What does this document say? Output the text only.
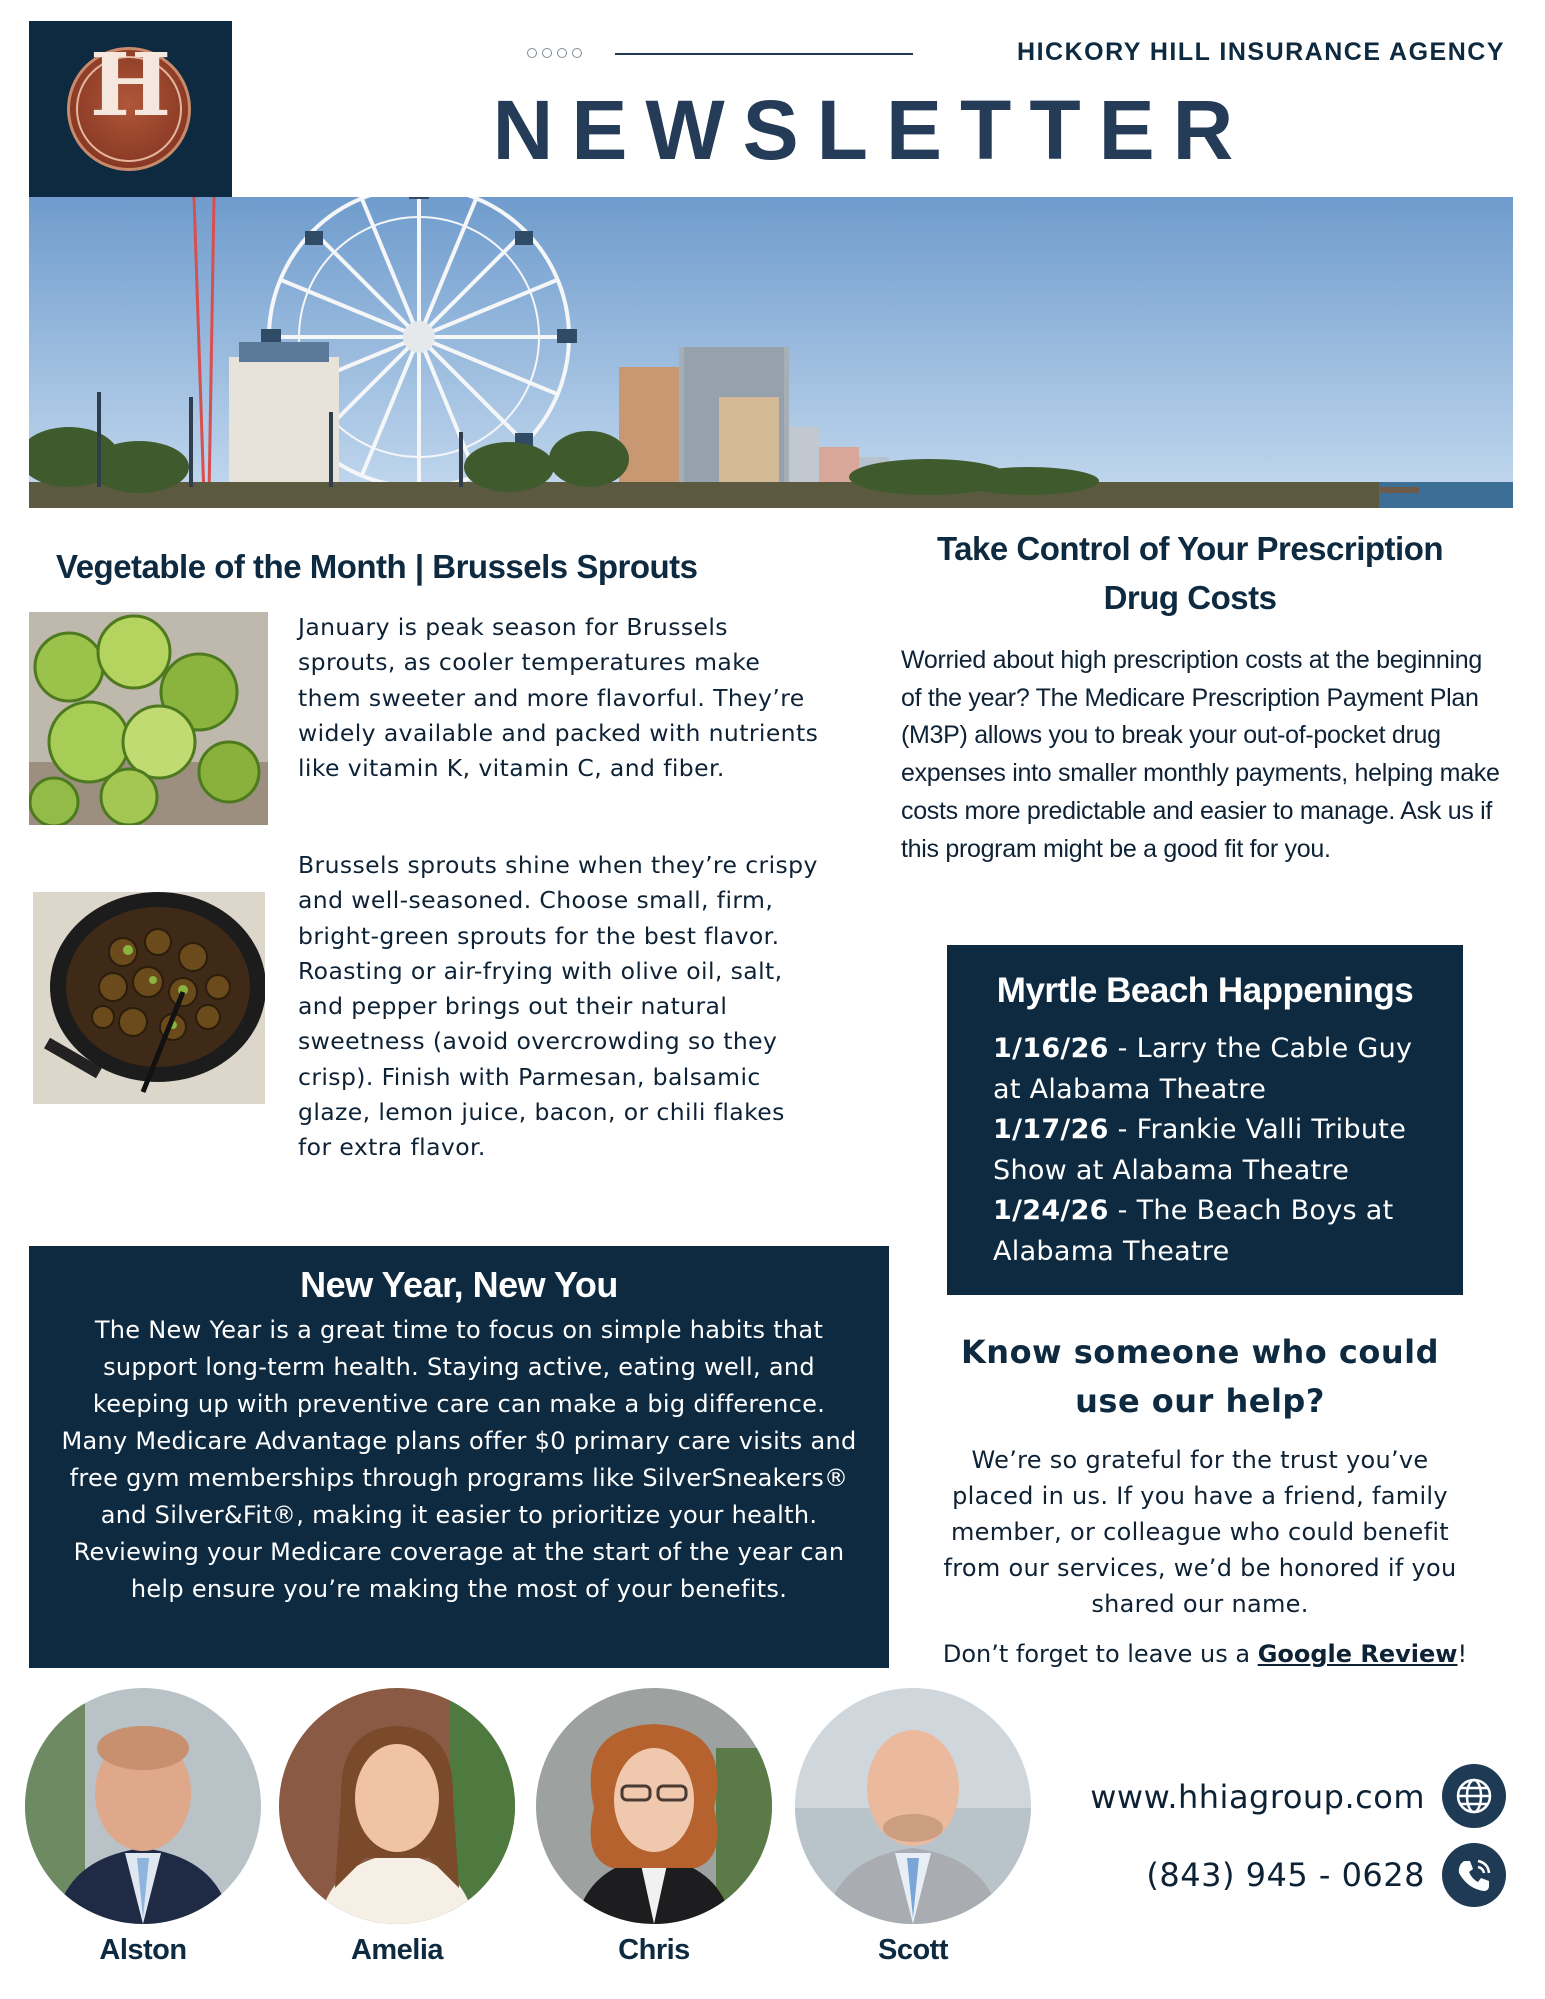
H	HICKORY HILL INSURANCE AGENCY
NEWSLETTER
Vegetable of the Month | Brussels Sprouts
January is peak season for Brussels sprouts, as cooler temperatures make them sweeter and more flavorful. They’re widely available and packed with nutrients like vitamin K, vitamin C, and fiber.
Brussels sprouts shine when they’re crispy and well-seasoned. Choose small, firm, bright-green sprouts for the best flavor. Roasting or air-frying with olive oil, salt, and pepper brings out their natural sweetness (avoid overcrowding so they crisp). Finish with Parmesan, balsamic glaze, lemon juice, bacon, or chili flakes for extra flavor.
New Year, New You
The New Year is a great time to focus on simple habits that support long-term health. Staying active, eating well, and keeping up with preventive care can make a big difference. Many Medicare Advantage plans offer $0 primary care visits and free gym memberships through programs like SilverSneakers® and Silver&Fit®, making it easier to prioritize your health. Reviewing your Medicare coverage at the start of the year can help ensure you’re making the most of your benefits.
Take Control of Your Prescription Drug Costs
Worried about high prescription costs at the beginning of the year? The Medicare Prescription Payment Plan (M3P) allows you to break your out-of-pocket drug expenses into smaller monthly payments, helping make costs more predictable and easier to manage. Ask us if this program might be a good fit for you.
Myrtle Beach Happenings
1/16/26 - Larry the Cable Guy at Alabama Theatre
1/17/26 - Frankie Valli Tribute Show at Alabama Theatre
1/24/26 - The Beach Boys at Alabama Theatre
Know someone who could use our help?
We’re so grateful for the trust you’ve placed in us. If you have a friend, family member, or colleague who could benefit from our services, we’d be honored if you shared our name.
Don’t forget to leave us a Google Review!
Alston	Amelia	Chris	Scott
www.hhiagroup.com
(843) 945 - 0628
